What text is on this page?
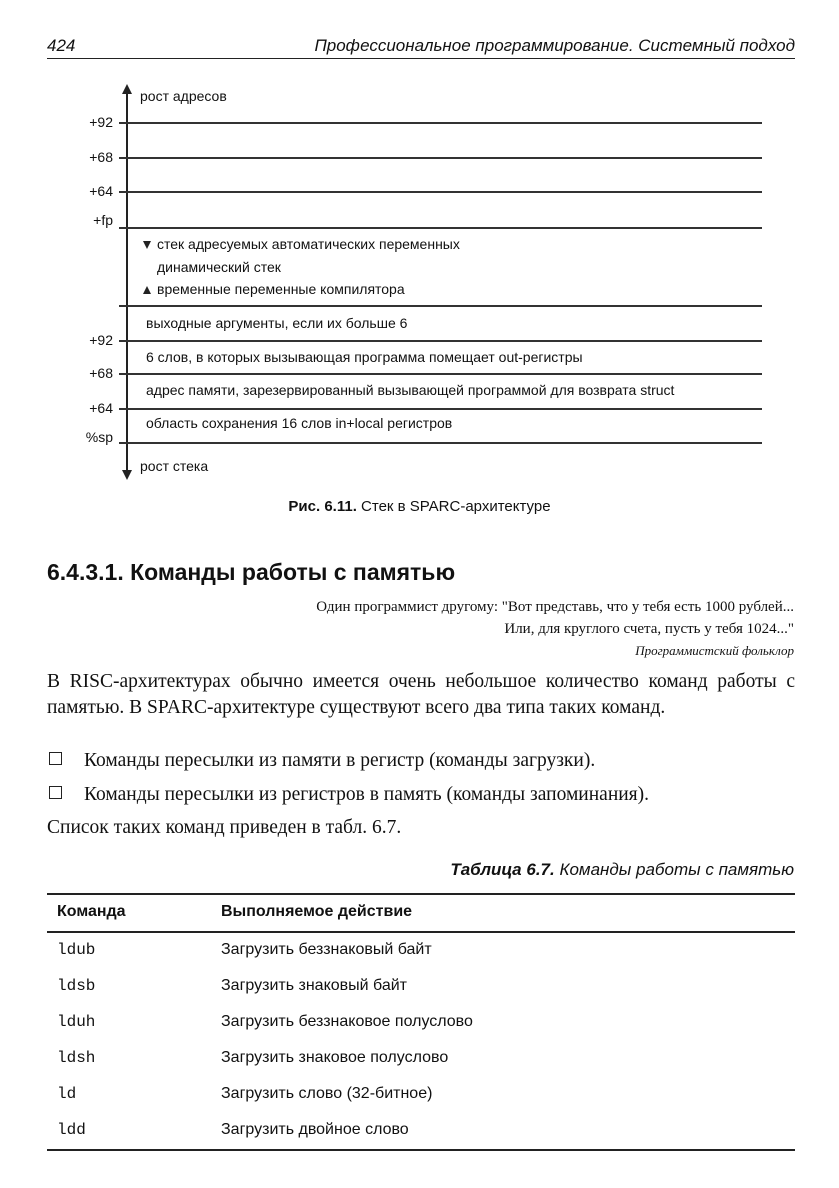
424	Профессиональное программирование. Системный подход
рост адресов
+92
+68
+64
+fp
стек адресуемых автоматических переменных
динамический стек
временные переменные компилятора
+92
+68
+64
%sp
выходные аргументы, если их больше 6
6 слов, в которых вызывающая программа помещает out-регистры
адрес памяти, зарезервированный вызывающей программой для возврата struct
область сохранения 16 слов in+local регистров
рост стека
Рис. 6.11. Стек в SPARC-архитектуре
6.4.3.1. Команды работы с памятью
Один программист другому: "Вот представь, что у тебя есть 1000 рублей...
Или, для круглого счета, пусть у тебя 1024..."
Программистский фольклор
В RISC-архитектурах обычно имеется очень небольшое количество команд работы с памятью. В SPARC-архитектуре существуют всего два типа таких команд.
Команды пересылки из памяти в регистр (команды загрузки).
Команды пересылки из регистров в память (команды запоминания).
Список таких команд приведен в табл. 6.7.
Таблица 6.7. Команды работы с памятью
Команда	Выполняемое действие
ldub	Загрузить беззнаковый байт
ldsb	Загрузить знаковый байт
lduh	Загрузить беззнаковое полуслово
ldsh	Загрузить знаковое полуслово
ld	Загрузить слово (32-битное)
ldd	Загрузить двойное слово
